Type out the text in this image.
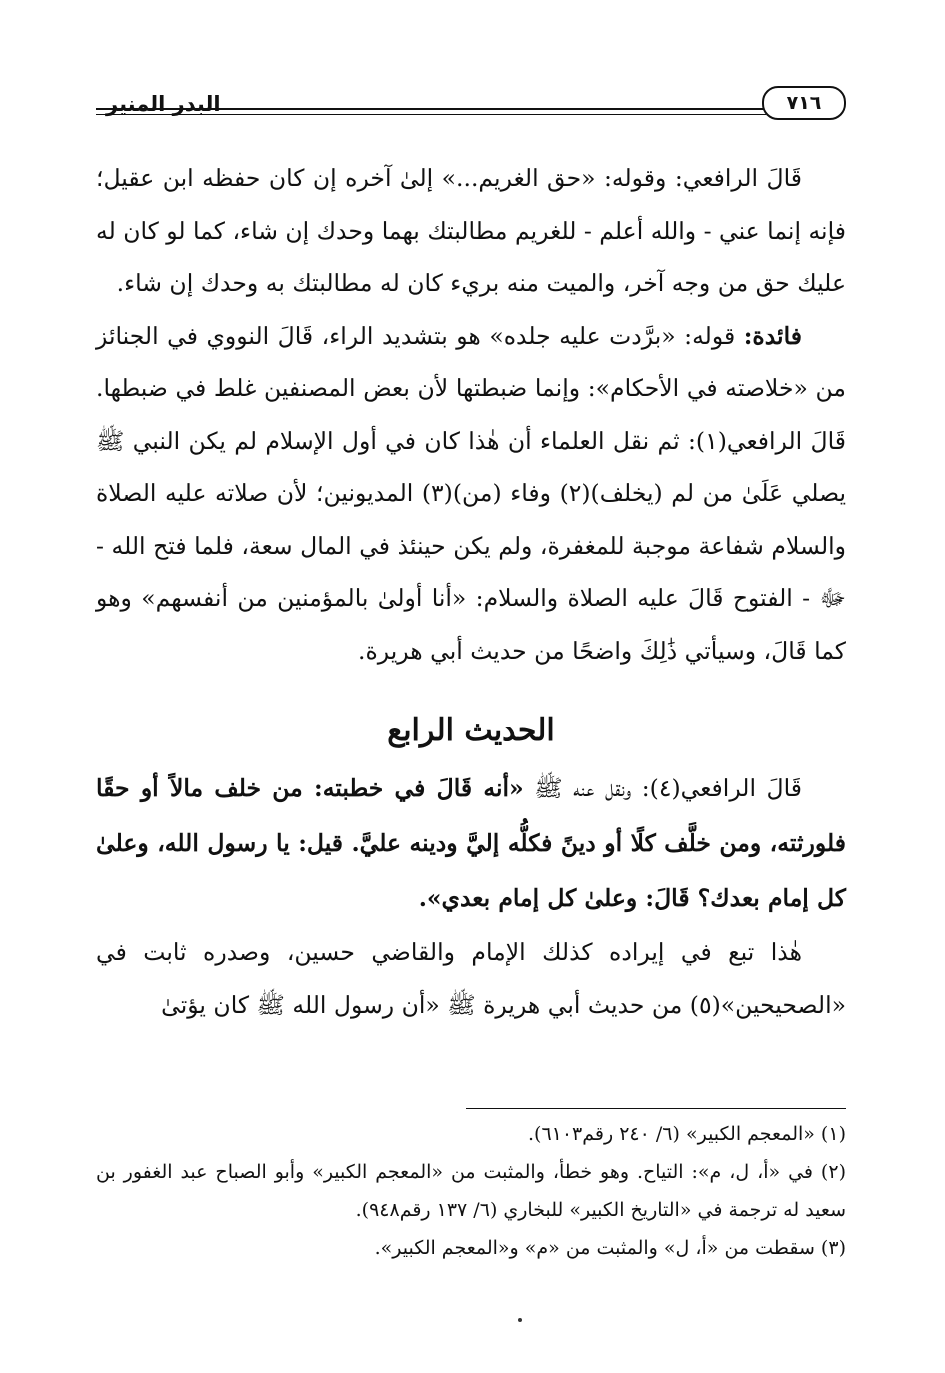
البدر المنير	٧١٦

قَالَ الرافعي: وقوله: «حق الغريم...» إلىٰ آخره إن كان حفظه ابن عقيل؛ فإنه إنما عني - والله أعلم - للغريم مطالبتك بهما وحدك إن شاء، كما لو كان له عليك حق من وجه آخر، والميت منه بريء كان له مطالبتك به وحدك إن شاء.

فائدة: قوله: «برَّدت عليه جلده» هو بتشديد الراء، قَالَ النووي في الجنائز من «خلاصته في الأحكام»: وإنما ضبطتها لأن بعض المصنفين غلط في ضبطها. قَالَ الرافعي(١): ثم نقل العلماء أن هٰذا كان في أول الإسلام لم يكن النبي ﷺ يصلي عَلَىٰ من لم (يخلف)(٢) وفاء (من)(٣) المديونين؛ لأن صلاته عليه الصلاة والسلام شفاعة موجبة للمغفرة، ولم يكن حينئذ في المال سعة، فلما فتح الله - ﷻ - الفتوح قَالَ عليه الصلاة والسلام: «أنا أولىٰ بالمؤمنين من أنفسهم» وهو كما قَالَ، وسيأتي ذَٰلِكَ واضحًا من حديث أبي هريرة.

الحديث الرابع

قَالَ الرافعي(٤): ونقل عنه ﷺ «أنه قَالَ في خطبته: من خلف مالاً أو حقًا فلورثته، ومن خلَّف كلًا أو دينً فكلُّه إليَّ ودينه عليَّ. قيل: يا رسول الله، وعلىٰ كل إمام بعدك؟ قَالَ: وعلىٰ كل إمام بعدي».

هٰذا تبع في إيراده كذلك الإمام والقاضي حسين، وصدره ثابت في «الصحيحين»(٥) من حديث أبي هريرة ﷺ «أن رسول الله ﷺ كان يؤتىٰ

(١) «المعجم الكبير» (٦/ ٢٤٠ رقم٦١٠٣).

(٢) في «أ، ل، م»: التياح. وهو خطأ، والمثبت من «المعجم الكبير» وأبو الصباح عبد الغفور بن سعيد له ترجمة في «التاريخ الكبير» للبخاري (٦/ ١٣٧ رقم٩٤٨).

(٣) سقطت من «أ، ل» والمثبت من «م» و«المعجم الكبير».
